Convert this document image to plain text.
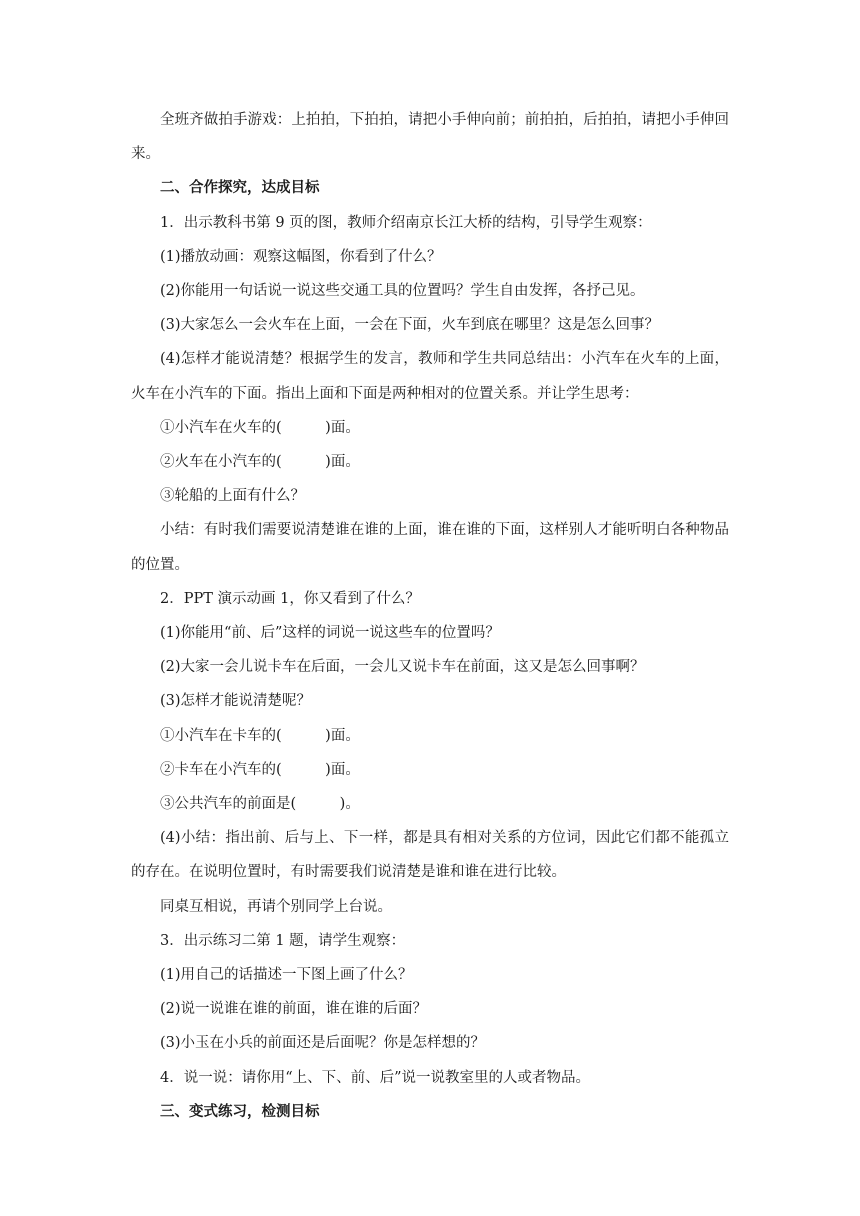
全班齐做拍手游戏：上拍拍，下拍拍，请把小手伸向前；前拍拍，后拍拍，请把小手伸回来。

二、合作探究，达成目标

1．出示教科书第 9 页的图，教师介绍南京长江大桥的结构，引导学生观察：

(1)播放动画：观察这幅图，你看到了什么？

(2)你能用一句话说一说这些交通工具的位置吗？学生自由发挥，各抒己见。

(3)大家怎么一会火车在上面，一会在下面，火车到底在哪里？这是怎么回事？

(4)怎样才能说清楚？根据学生的发言，教师和学生共同总结出：小汽车在火车的上面，火车在小汽车的下面。指出上面和下面是两种相对的位置关系。并让学生思考：

①小汽车在火车的(　　　)面。

②火车在小汽车的(　　　)面。

③轮船的上面有什么？

小结：有时我们需要说清楚谁在谁的上面，谁在谁的下面，这样别人才能听明白各种物品的位置。

2．PPT 演示动画 1，你又看到了什么？

(1)你能用“前、后”这样的词说一说这些车的位置吗？

(2)大家一会儿说卡车在后面，一会儿又说卡车在前面，这又是怎么回事啊？

(3)怎样才能说清楚呢？

①小汽车在卡车的(　　　)面。

②卡车在小汽车的(　　　)面。

③公共汽车的前面是(　　　)。

(4)小结：指出前、后与上、下一样，都是具有相对关系的方位词，因此它们都不能孤立的存在。在说明位置时，有时需要我们说清楚是谁和谁在进行比较。

同桌互相说，再请个别同学上台说。

3．出示练习二第 1 题，请学生观察：

(1)用自己的话描述一下图上画了什么？

(2)说一说谁在谁的前面，谁在谁的后面？

(3)小玉在小兵的前面还是后面呢？你是怎样想的？

4．说一说：请你用“上、下、前、后”说一说教室里的人或者物品。

三、变式练习，检测目标
